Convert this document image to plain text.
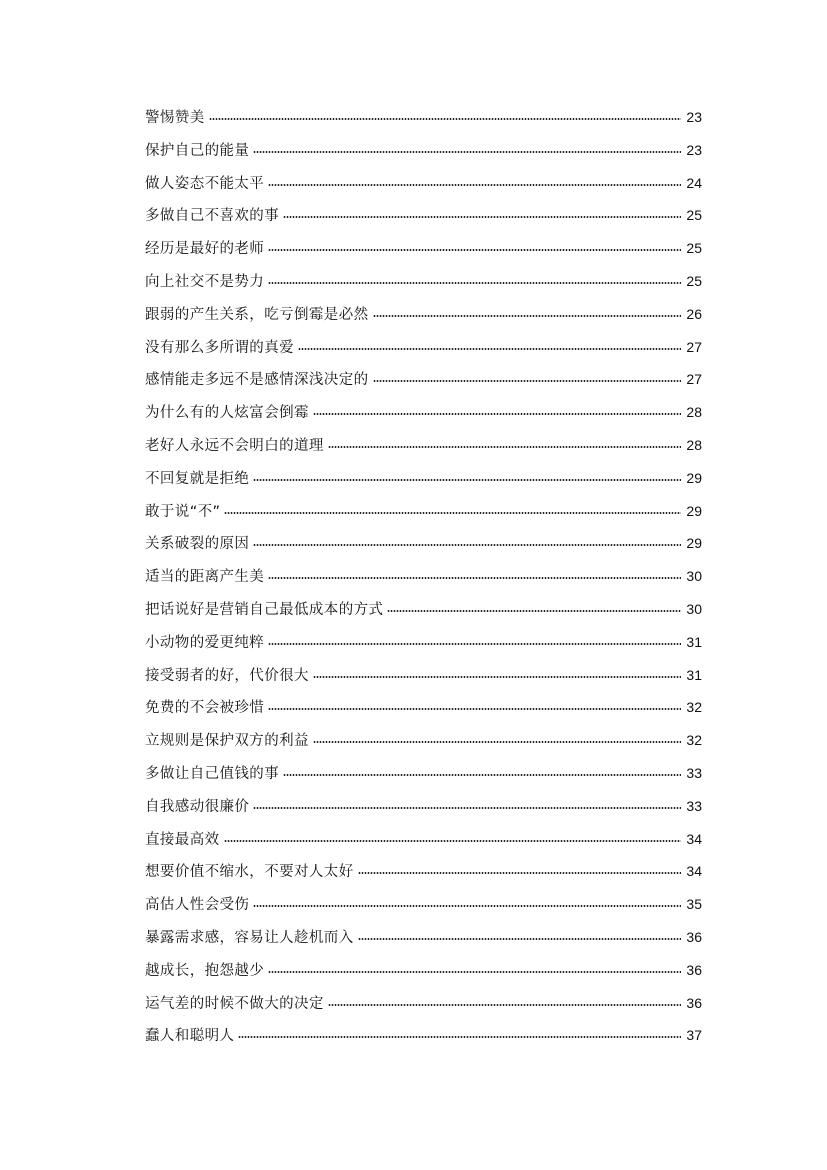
警惕赞美	23
保护自己的能量	23
做人姿态不能太平	24
多做自己不喜欢的事	25
经历是最好的老师	25
向上社交不是势力	25
跟弱的产生关系，吃亏倒霉是必然	26
没有那么多所谓的真爱	27
感情能走多远不是感情深浅决定的	27
为什么有的人炫富会倒霉	28
老好人永远不会明白的道理	28
不回复就是拒绝	29
敢于说“不”	29
关系破裂的原因	29
适当的距离产生美	30
把话说好是营销自己最低成本的方式	30
小动物的爱更纯粹	31
接受弱者的好，代价很大	31
免费的不会被珍惜	32
立规则是保护双方的利益	32
多做让自己值钱的事	33
自我感动很廉价	33
直接最高效	34
想要价值不缩水，不要对人太好	34
高估人性会受伤	35
暴露需求感，容易让人趁机而入	36
越成长，抱怨越少	36
运气差的时候不做大的决定	36
蠢人和聪明人	37
